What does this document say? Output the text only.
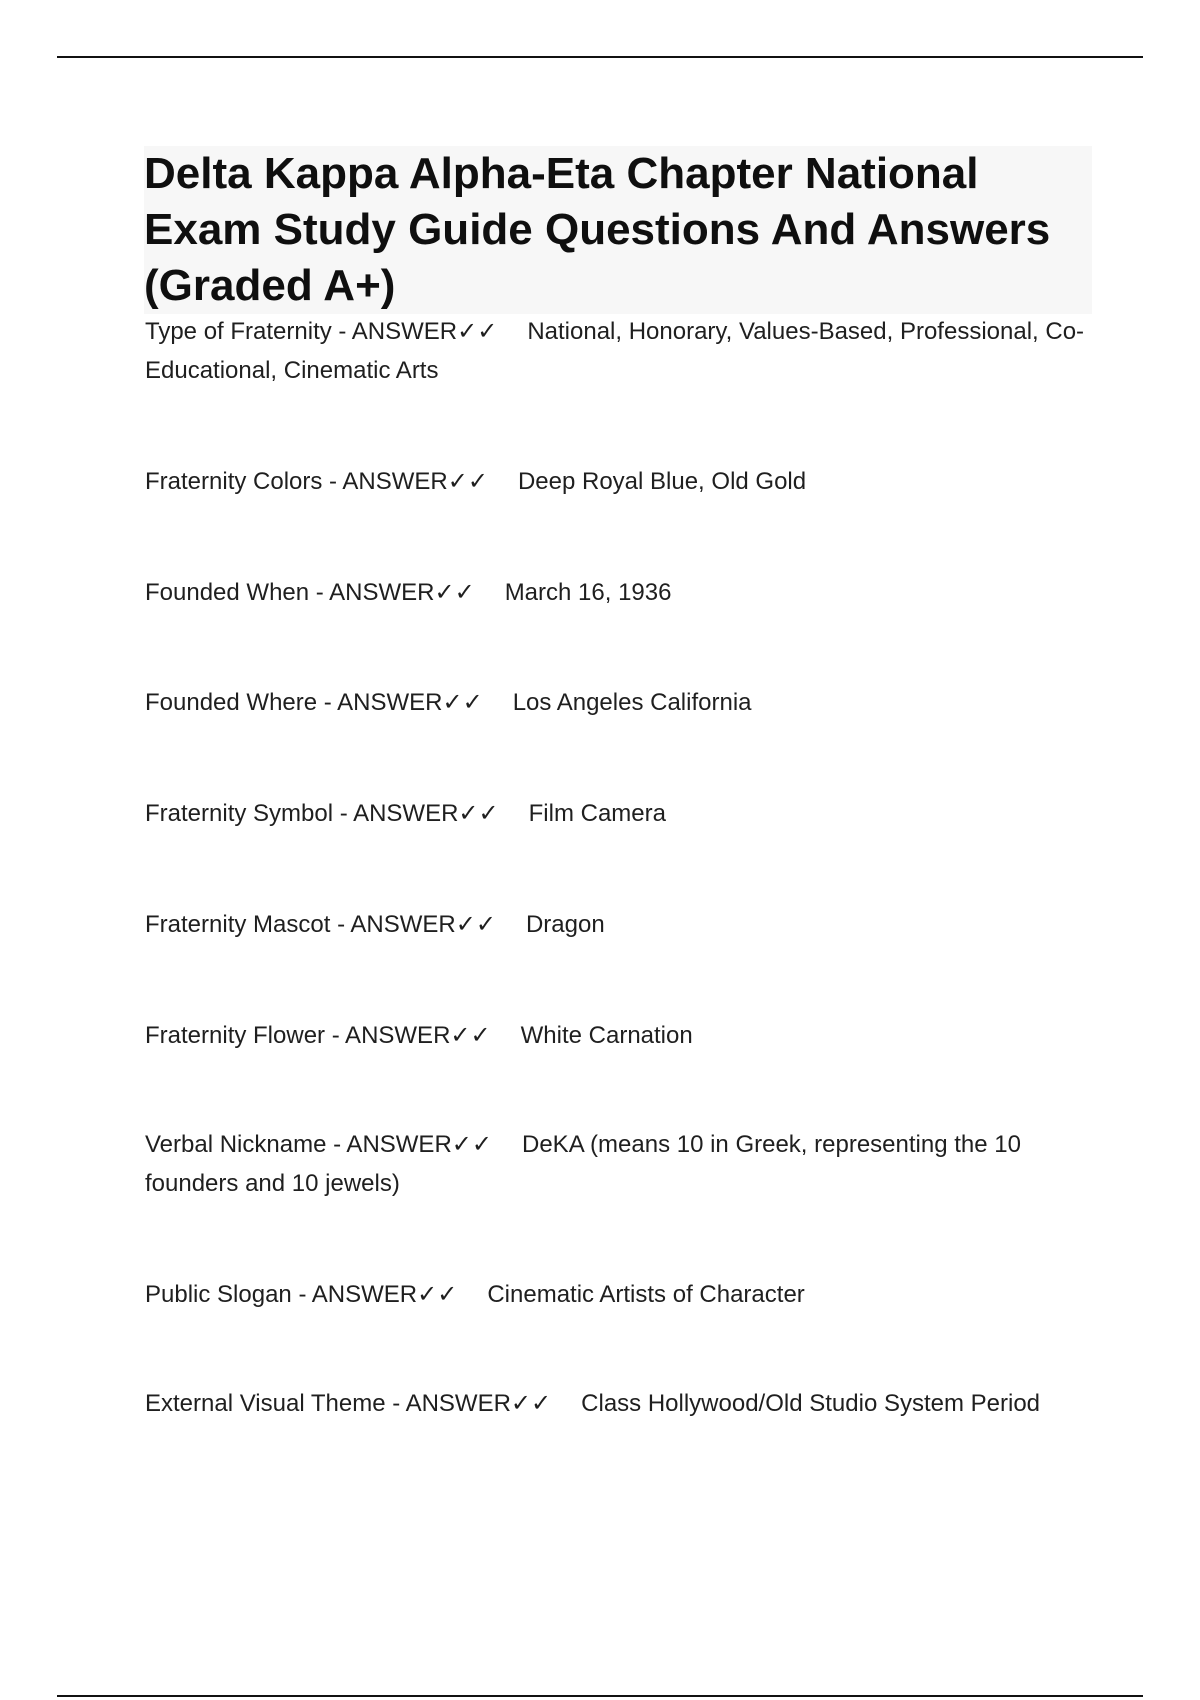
Delta Kappa Alpha-Eta Chapter National Exam Study Guide Questions And Answers (Graded A+)

Type of Fraternity - ANSWER✓✓ National, Honorary, Values-Based, Professional, Co-Educational, Cinematic Arts

Fraternity Colors - ANSWER✓✓ Deep Royal Blue, Old Gold

Founded When - ANSWER✓✓ March 16, 1936

Founded Where - ANSWER✓✓ Los Angeles California

Fraternity Symbol - ANSWER✓✓ Film Camera

Fraternity Mascot - ANSWER✓✓ Dragon

Fraternity Flower - ANSWER✓✓ White Carnation

Verbal Nickname - ANSWER✓✓ DeKA (means 10 in Greek, representing the 10 founders and 10 jewels)

Public Slogan - ANSWER✓✓ Cinematic Artists of Character

External Visual Theme - ANSWER✓✓ Class Hollywood/Old Studio System Period
